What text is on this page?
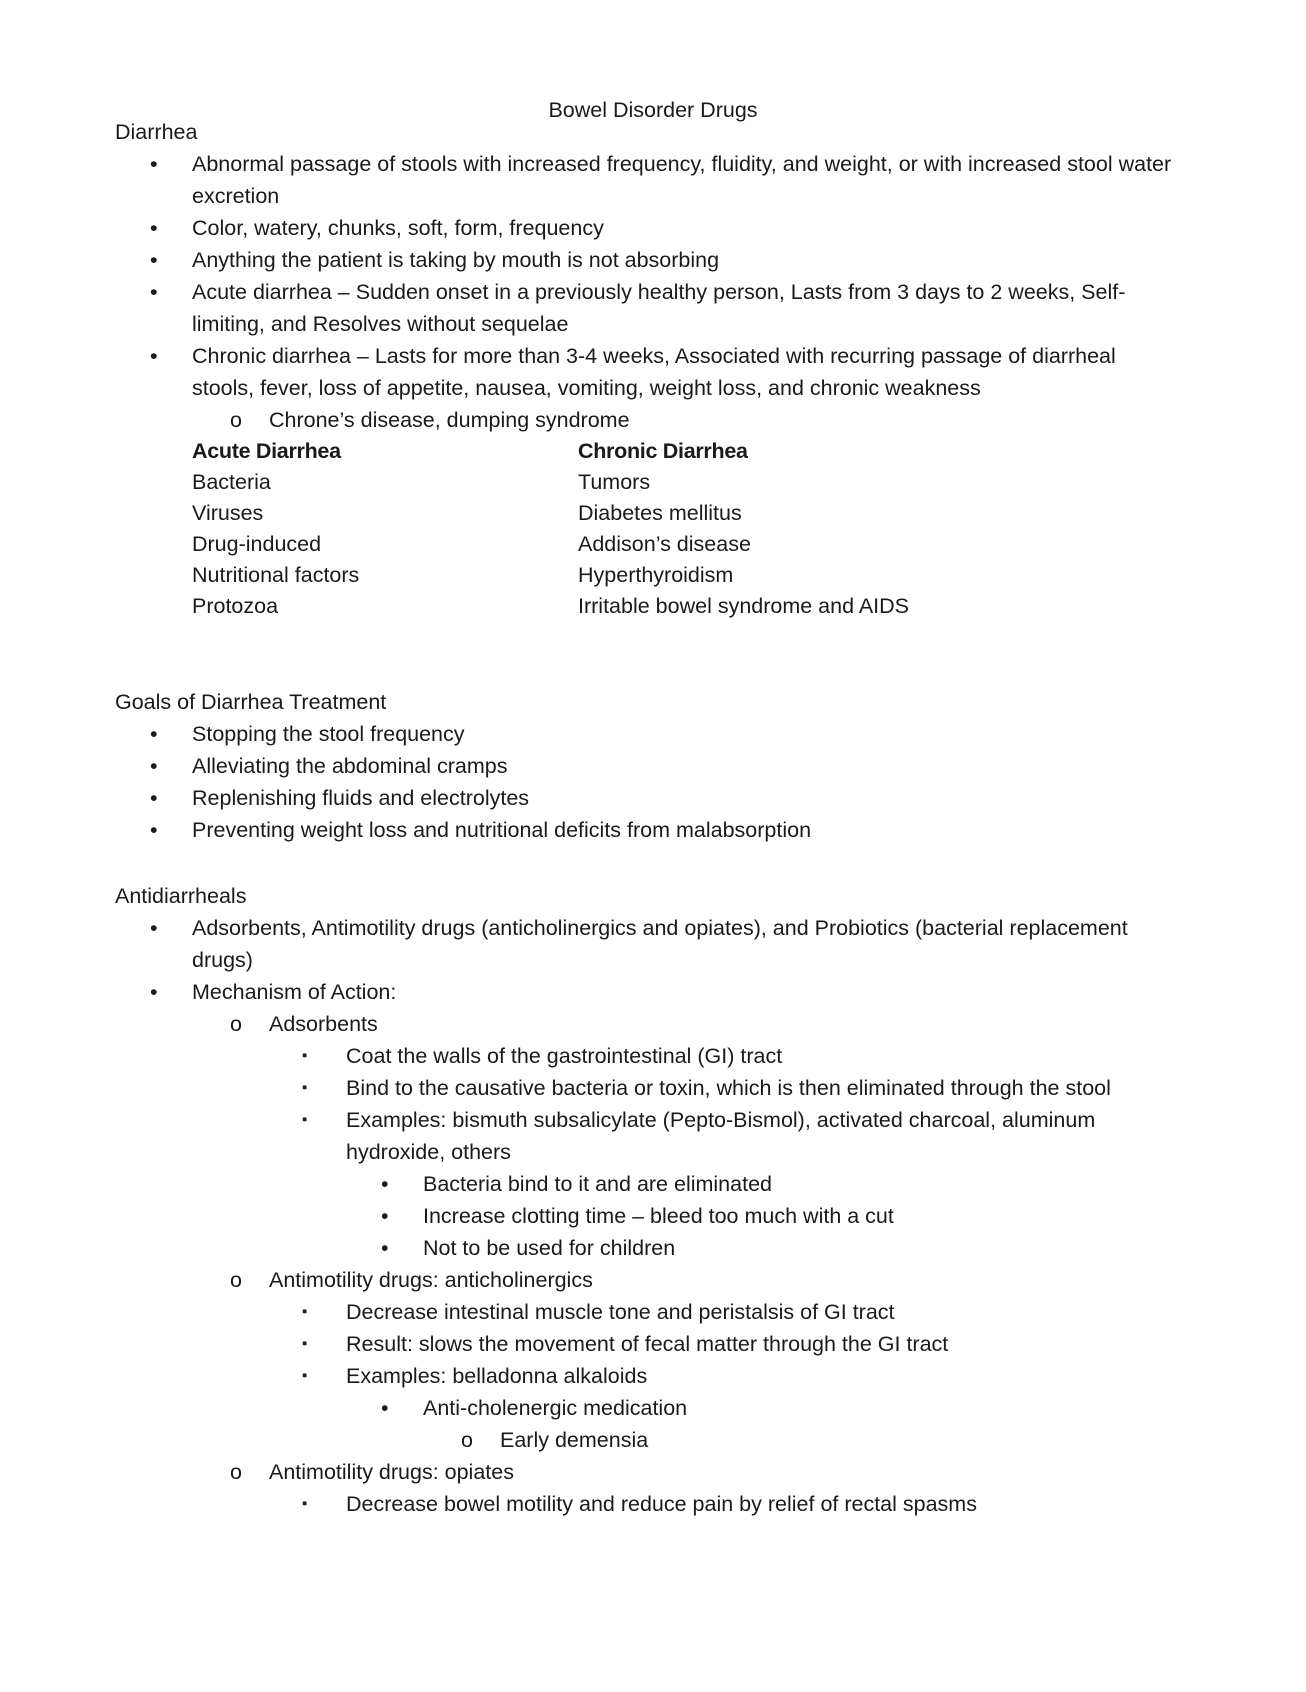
Bowel Disorder Drugs
Diarrhea
• Abnormal passage of stools with increased frequency, fluidity, and weight, or with increased stool water excretion
• Color, watery, chunks, soft, form, frequency
• Anything the patient is taking by mouth is not absorbing
• Acute diarrhea – Sudden onset in a previously healthy person, Lasts from 3 days to 2 weeks, Self-limiting, and Resolves without sequelae
• Chronic diarrhea – Lasts for more than 3-4 weeks, Associated with recurring passage of diarrheal stools, fever, loss of appetite, nausea, vomiting, weight loss, and chronic weakness
o Chrone’s disease, dumping syndrome
Acute Diarrhea	Chronic Diarrhea
Bacteria	Tumors
Viruses	Diabetes mellitus
Drug-induced	Addison’s disease
Nutritional factors	Hyperthyroidism
Protozoa	Irritable bowel syndrome and AIDS
Goals of Diarrhea Treatment
• Stopping the stool frequency
• Alleviating the abdominal cramps
• Replenishing fluids and electrolytes
• Preventing weight loss and nutritional deficits from malabsorption
Antidiarrheals
• Adsorbents, Antimotility drugs (anticholinergics and opiates), and Probiotics (bacterial replacement drugs)
• Mechanism of Action:
o Adsorbents
▪ Coat the walls of the gastrointestinal (GI) tract
▪ Bind to the causative bacteria or toxin, which is then eliminated through the stool
▪ Examples: bismuth subsalicylate (Pepto-Bismol), activated charcoal, aluminum hydroxide, others
• Bacteria bind to it and are eliminated
• Increase clotting time – bleed too much with a cut
• Not to be used for children
o Antimotility drugs: anticholinergics
▪ Decrease intestinal muscle tone and peristalsis of GI tract
▪ Result: slows the movement of fecal matter through the GI tract
▪ Examples: belladonna alkaloids
• Anti-cholenergic medication
o Early demensia
o Antimotility drugs: opiates
▪ Decrease bowel motility and reduce pain by relief of rectal spasms
